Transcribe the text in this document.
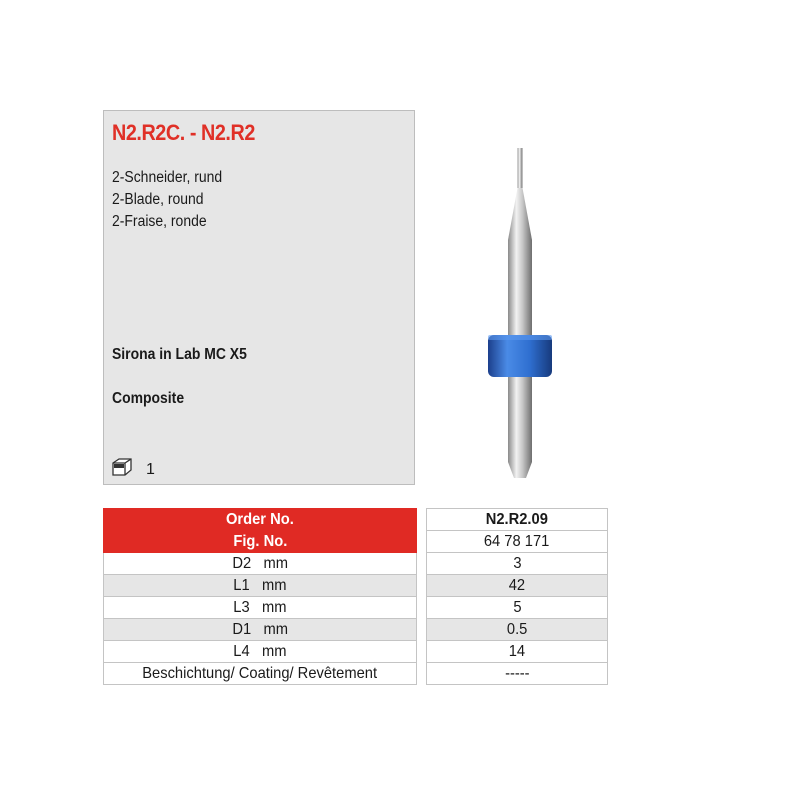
N2.R2C. - N2.R2
2-Schneider, rund
2-Blade, round
2-Fraise, ronde
Sirona in Lab MC X5
Composite
1
Order No.		N2.R2.09
Fig. No.		64 78 171
D2   mm		3
L1   mm		42
L3   mm		5
D1   mm		0.5
L4   mm		14
Beschichtung/ Coating/ Revêtement		-----
